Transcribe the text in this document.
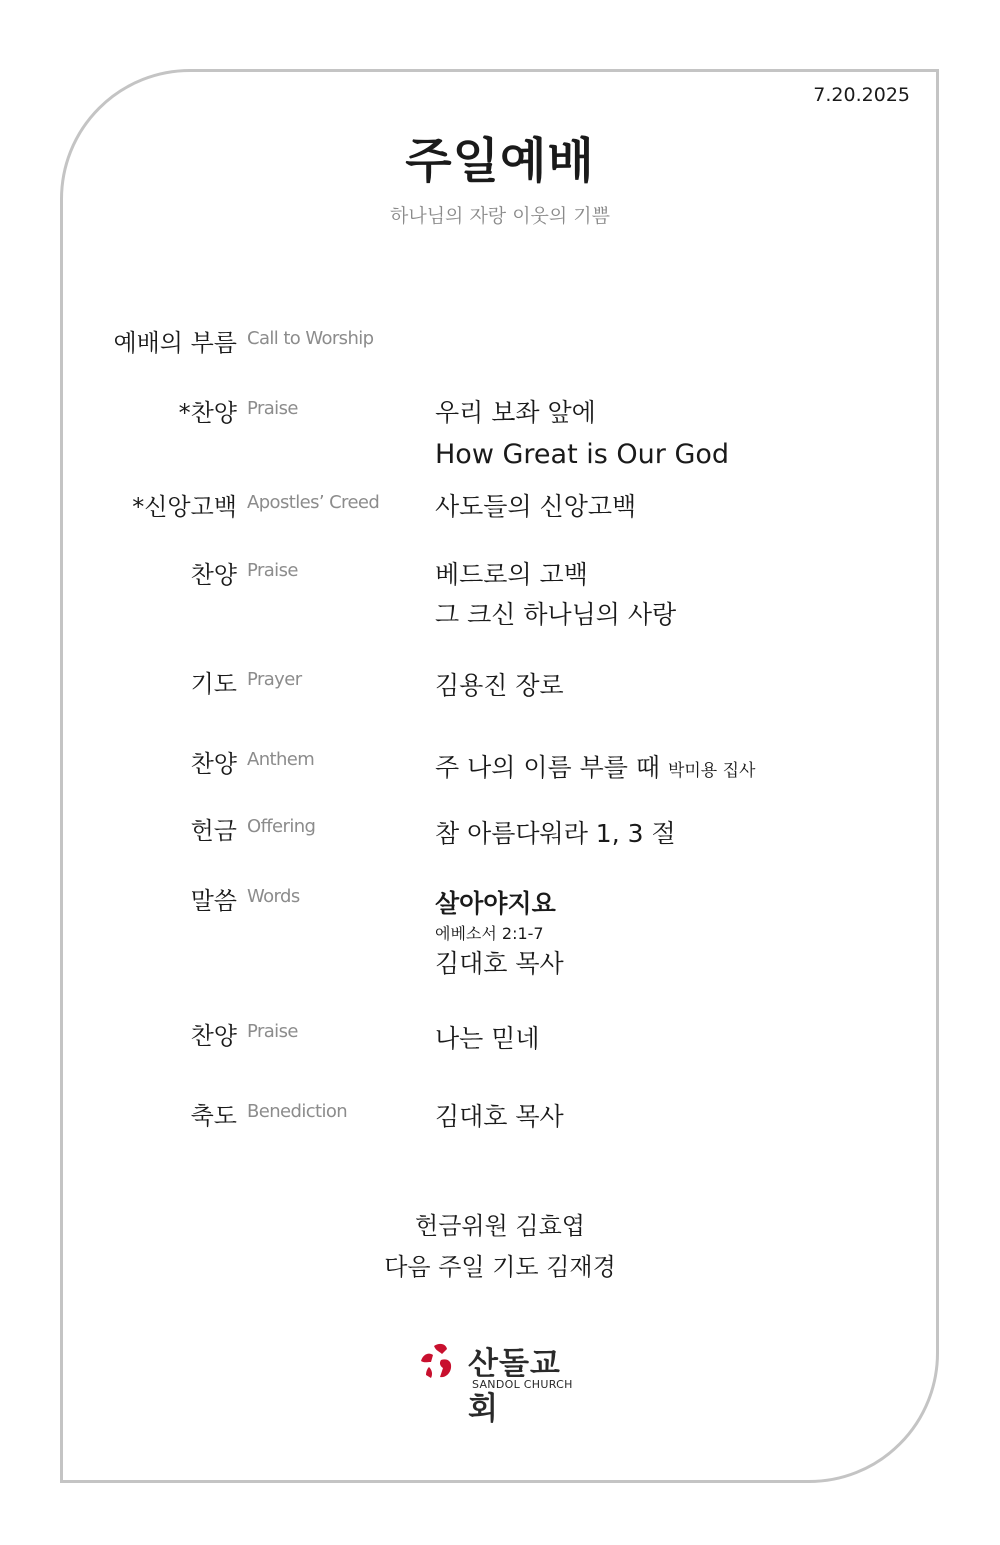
7.20.2025
주일예배
하나님의 자랑 이웃의 기쁨
예배의 부름 Call to Worship
*찬양 Praise	우리 보좌 앞에
How Great is Our God
*신앙고백 Apostles’ Creed 사도들의 신앙고백
찬양 Praise	베드로의 고백
그 크신 하나님의 사랑
기도 Prayer	김용진 장로
찬양 Anthem	주 나의 이름 부를 때 박미용 집사
헌금 Offering	참 아름다워라 1, 3 절
말씀 Words	살아야지요
에베소서 2:1-7
김대호 목사
찬양 Praise	나는 믿네
축도 Benediction	김대호 목사
헌금위원 김효엽
다음 주일 기도 김재경
산돌교회
SANDOL CHURCH
